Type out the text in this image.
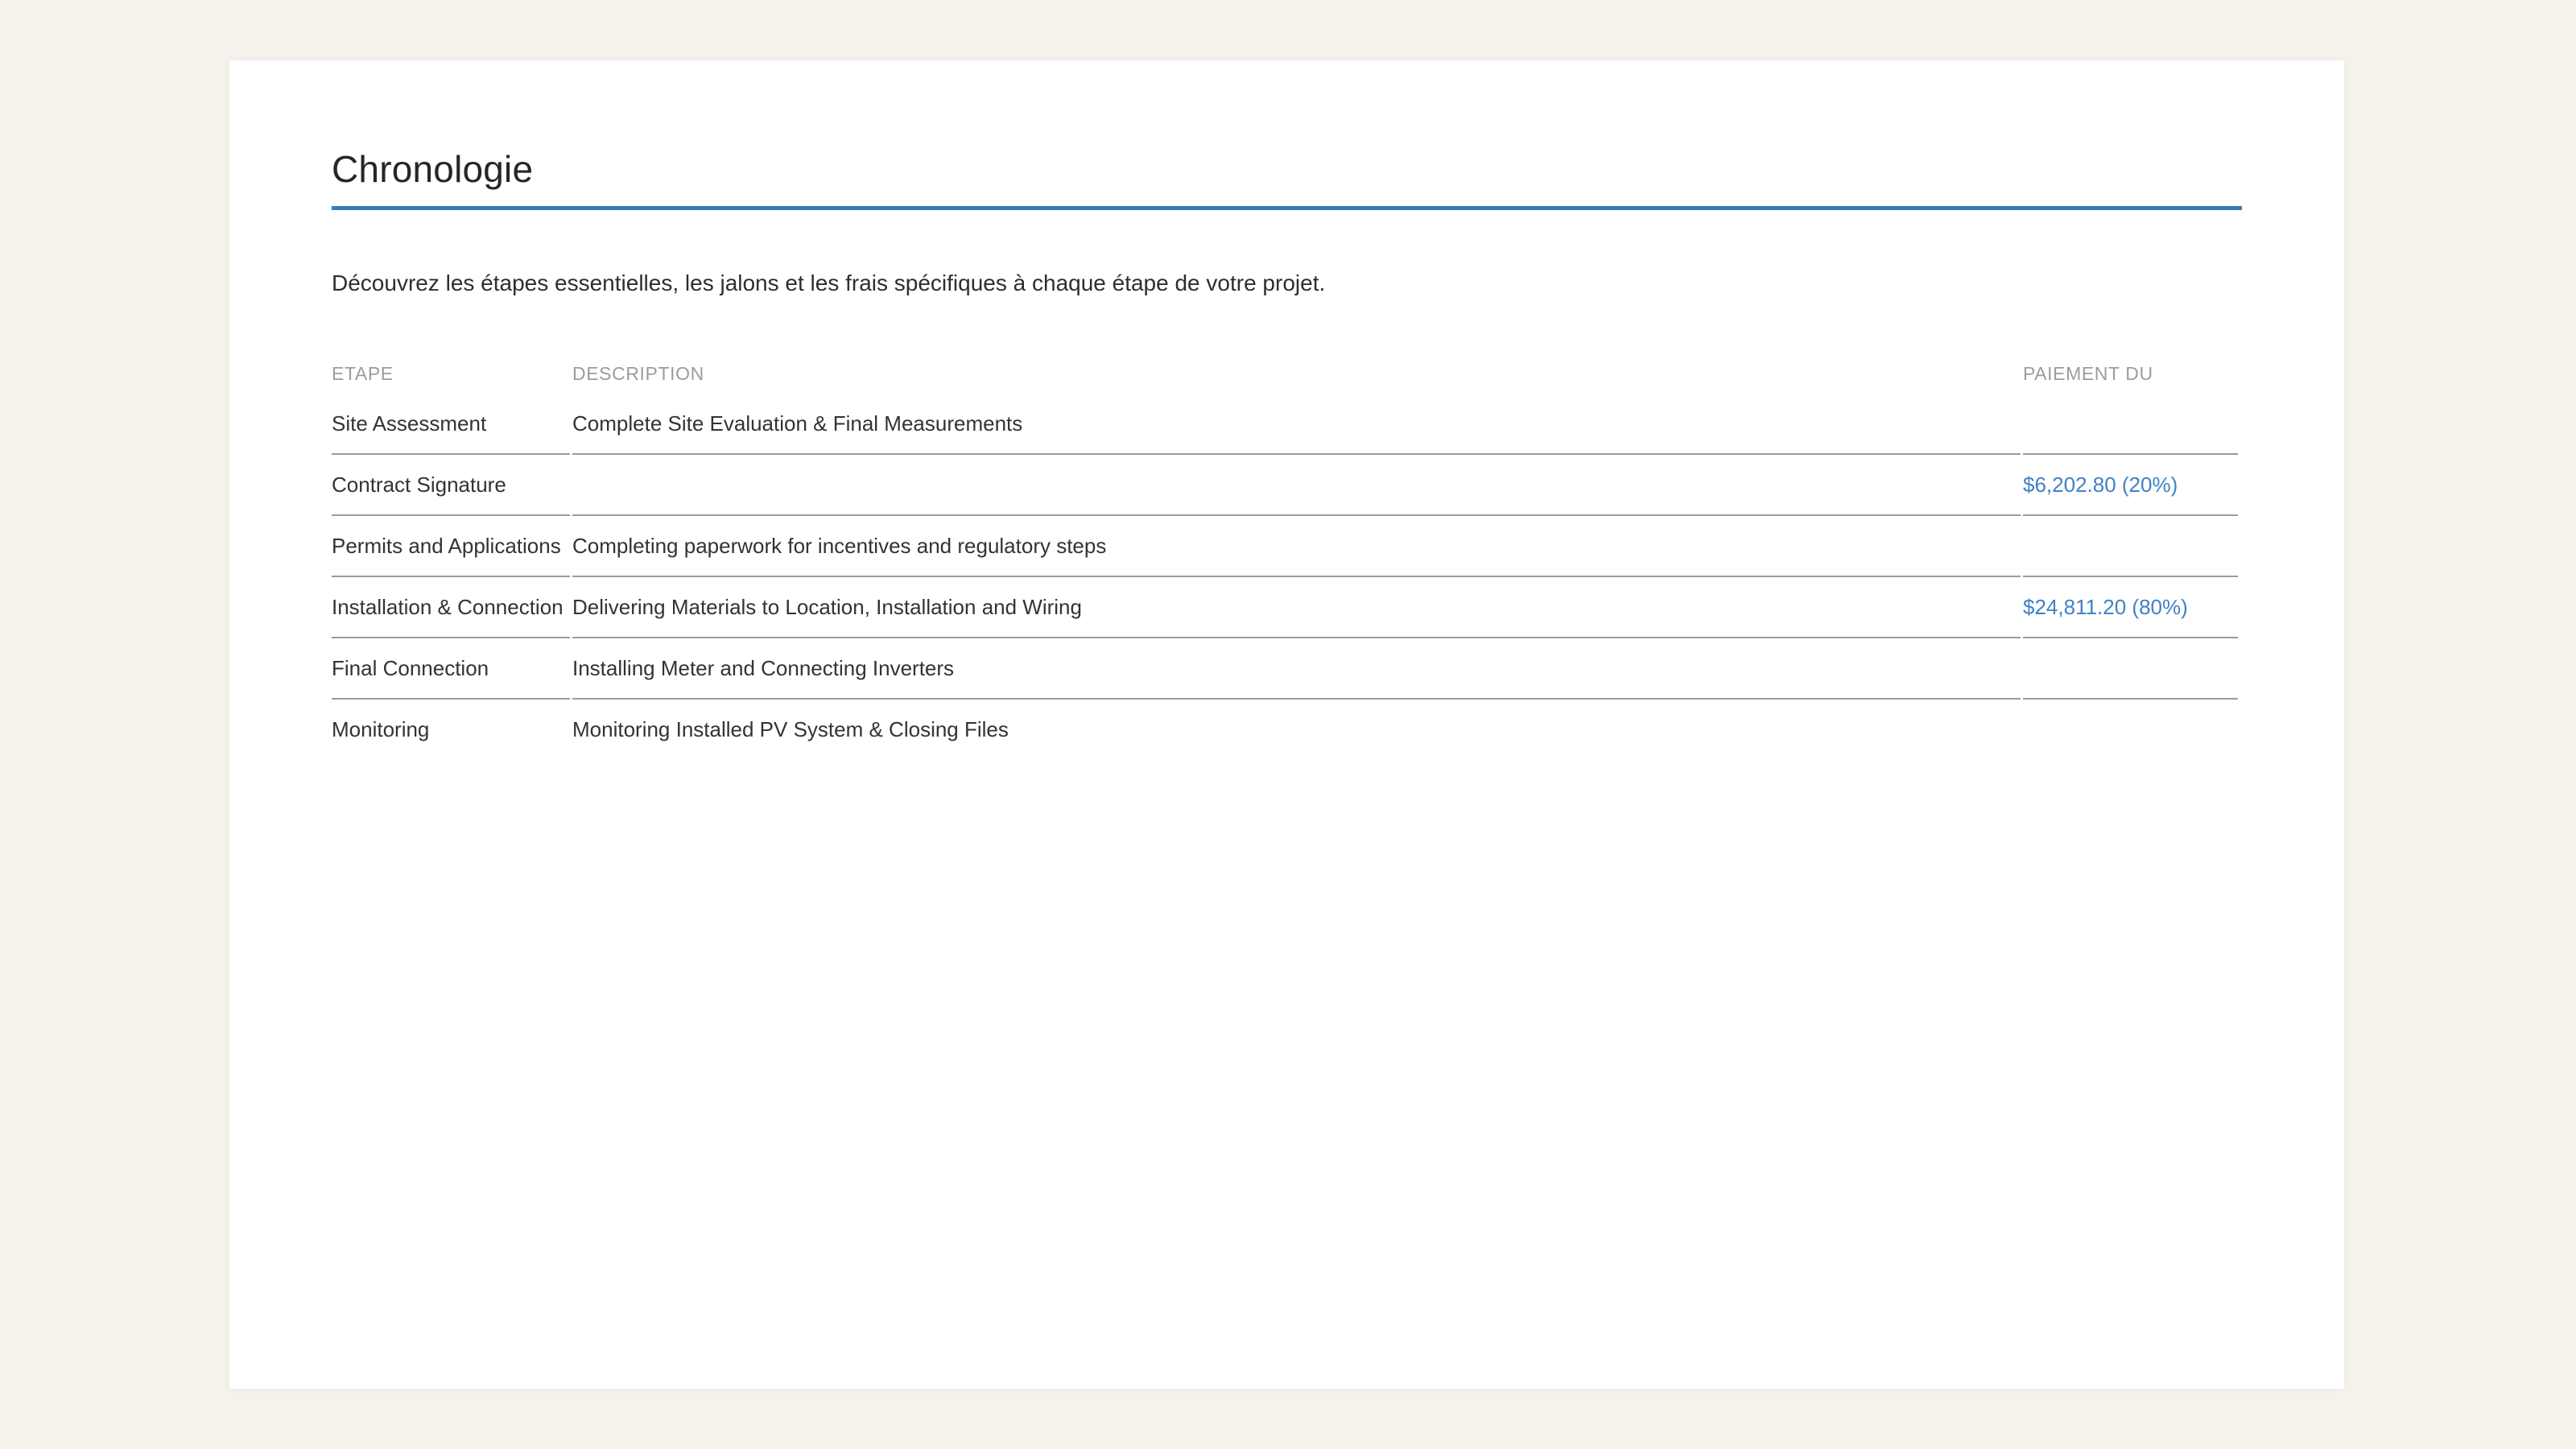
Chronologie

Découvrez les étapes essentielles, les jalons et les frais spécifiques à chaque étape de votre projet.

ETAPE	DESCRIPTION	PAIEMENT DU
Site Assessment	Complete Site Evaluation & Final Measurements	
Contract Signature		$6,202.80 (20%)
Permits and Applications	Completing paperwork for incentives and regulatory steps	
Installation & Connection	Delivering Materials to Location, Installation and Wiring	$24,811.20 (80%)
Final Connection	Installing Meter and Connecting Inverters	
Monitoring	Monitoring Installed PV System & Closing Files	
